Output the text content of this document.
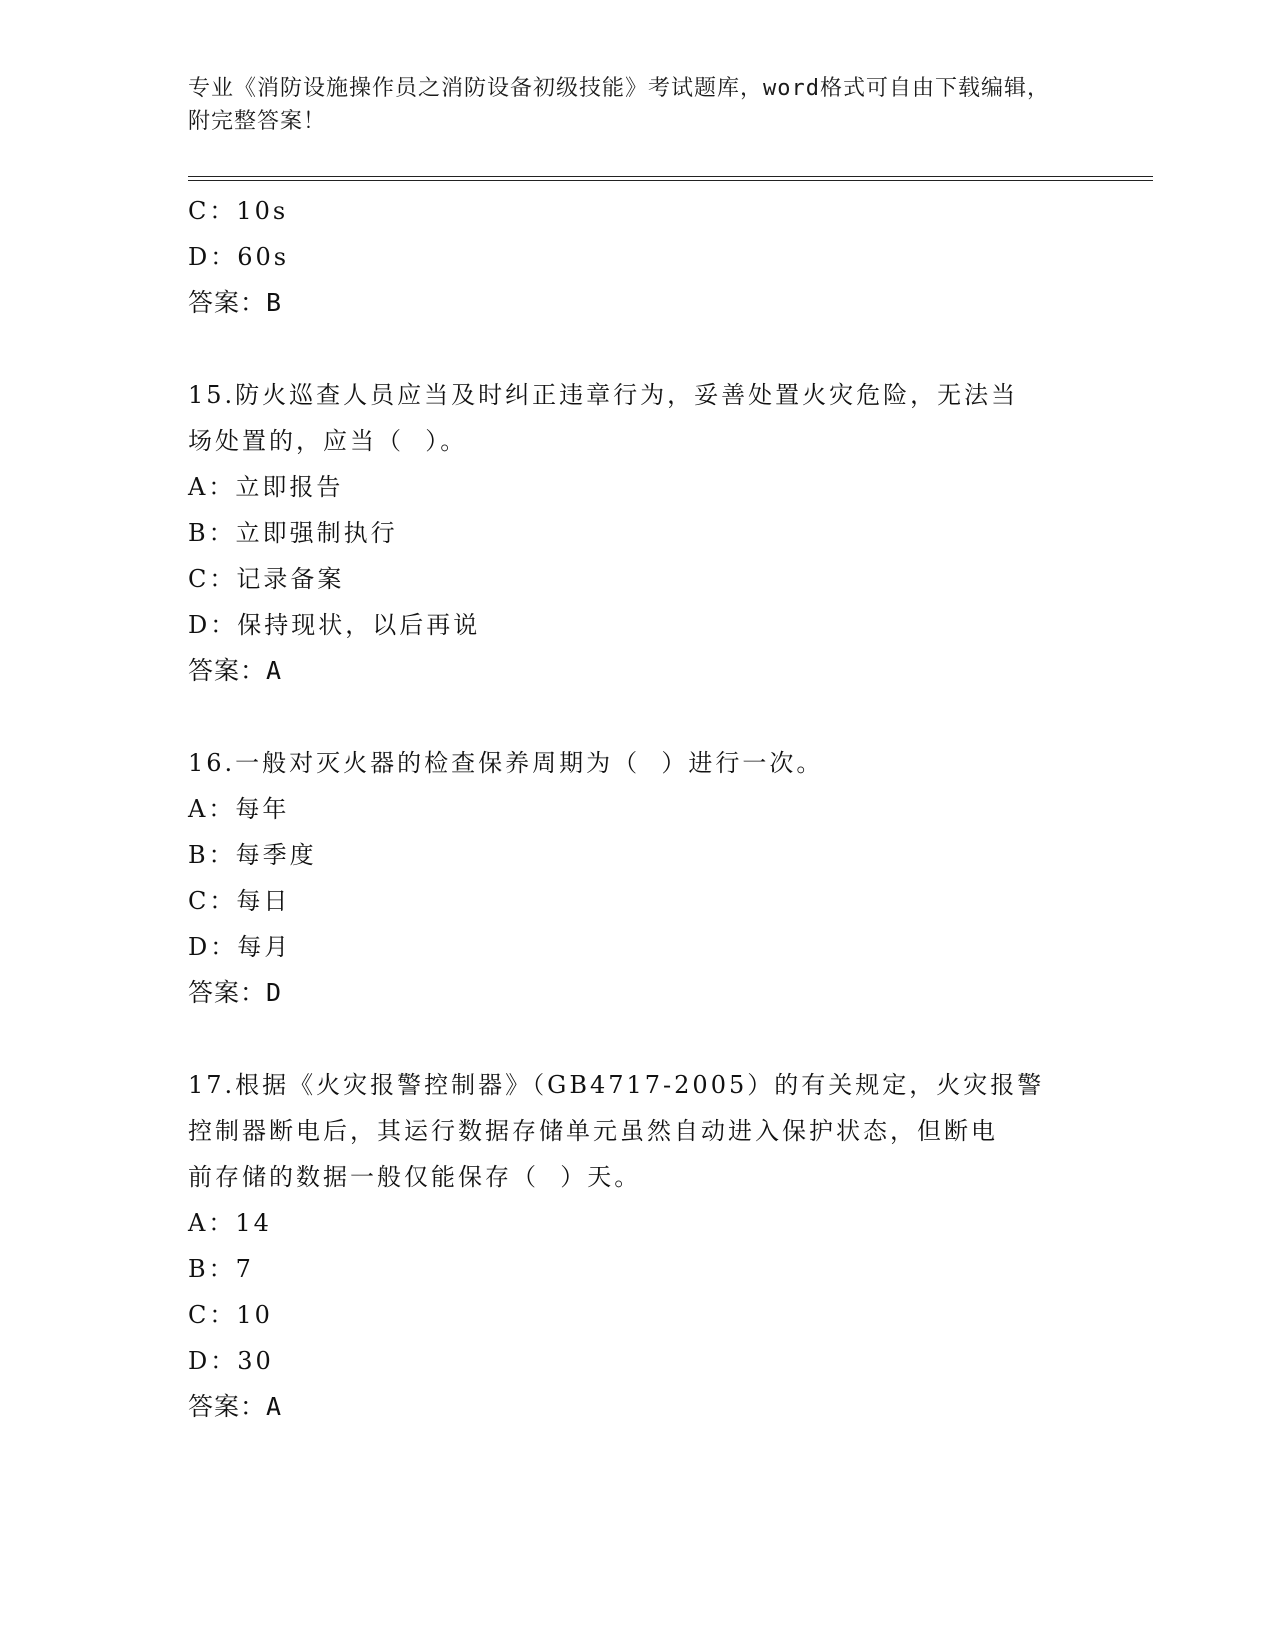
专业《消防设施操作员之消防设备初级技能》考试题库，word格式可自由下载编辑，附完整答案！
C：10s
D：60s
答案：B
15.防火巡查人员应当及时纠正违章行为，妥善处置火灾危险，无法当
场处置的，应当（  ）。
A：立即报告
B：立即强制执行
C：记录备案
D：保持现状，以后再说
答案：A
16.一般对灭火器的检查保养周期为（  ）进行一次。
A：每年
B：每季度
C：每日
D：每月
答案：D
17.根据《火灾报警控制器》（GB4717-2005）的有关规定，火灾报警
控制器断电后，其运行数据存储单元虽然自动进入保护状态，但断电
前存储的数据一般仅能保存（  ）天。
A：14
B：7
C：10
D：30
答案：A
